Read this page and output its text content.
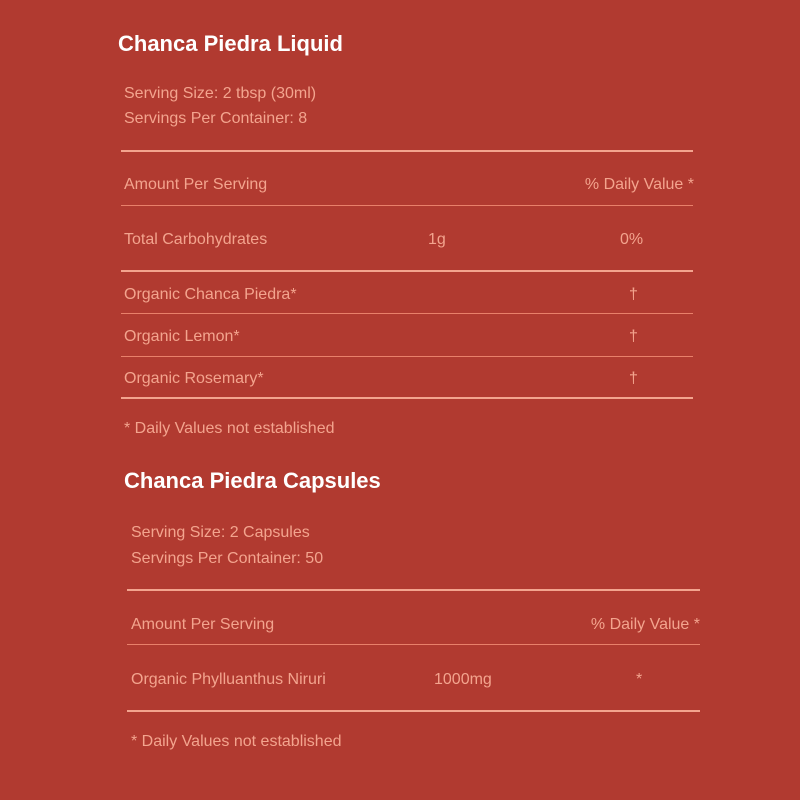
Chanca Piedra Liquid
Serving Size: 2 tbsp (30ml)
Servings Per Container: 8
Amount Per Serving	% Daily Value *
Total Carbohydrates	1g	0%
Organic Chanca Piedra*	†
Organic Lemon*	†
Organic Rosemary*	†
* Daily Values not established
Chanca Piedra Capsules
Serving Size: 2 Capsules
Servings Per Container: 50
Amount Per Serving	% Daily Value *
Organic Phylluanthus Niruri	1000mg	*
* Daily Values not established
